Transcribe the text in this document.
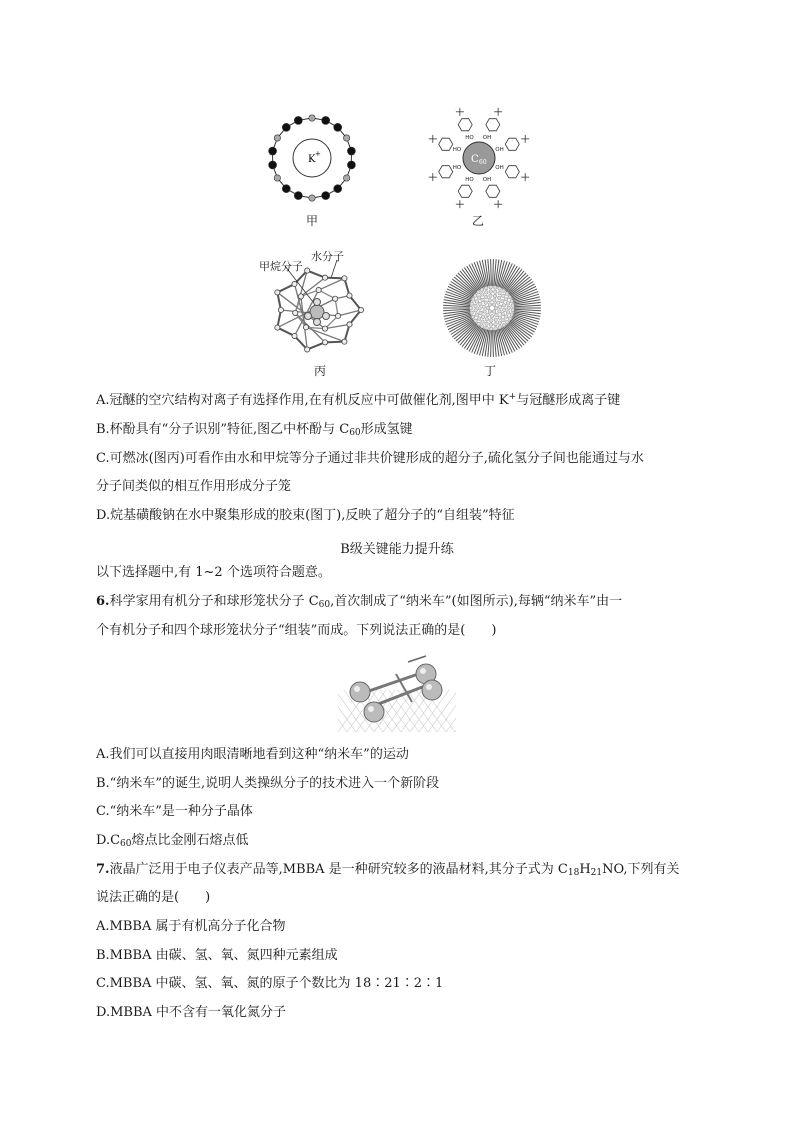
K +
甲
C 60
OH
OH
OH
OH
HO
HO
HO
HO
乙
甲烷分子
水分子
丙	丁
A.冠醚的空穴结构对离子有选择作用,在有机反应中可做催化剂,图甲中 K+与冠醚形成离子键
B.杯酚具有“分子识别”特征,图乙中杯酚与 $C_{60}$形成氢键
C.可燃冰(图丙)可看作由水和甲烷等分子通过非共价键形成的超分子,硫化氢分子间也能通过与水
分子间类似的相互作用形成分子笼
D.烷基磺酸钠在水中聚集形成的胶束(图丁),反映了超分子的“自组装”特征
B级关键能力提升练
以下选择题中,有 1~2 个选项符合题意。
6.科学家用有机分子和球形笼状分子 $C_{60}$,首次制成了“纳米车”(如图所示),每辆“纳米车”由一
个有机分子和四个球形笼状分子“组装”而成。下列说法正确的是(　　)
A.我们可以直接用肉眼清晰地看到这种“纳米车”的运动
B.“纳米车”的诞生,说明人类操纵分子的技术进入一个新阶段
C.“纳米车”是一种分子晶体
$D.C_{60}$熔点比金刚石熔点低
7.液晶广泛用于电子仪表产品等,MBBA 是一种研究较多的液晶材料,其分子式为 $C_{18}H_{21}NO$,下列有关
说法正确的是(　　)
A.MBBA 属于有机高分子化合物
B.MBBA 由碳、氢、氧、氮四种元素组成
C.MBBA 中碳、氢、氧、氮的原子个数比为 18∶21∶2∶1
D.MBBA 中不含有一氧化氮分子
